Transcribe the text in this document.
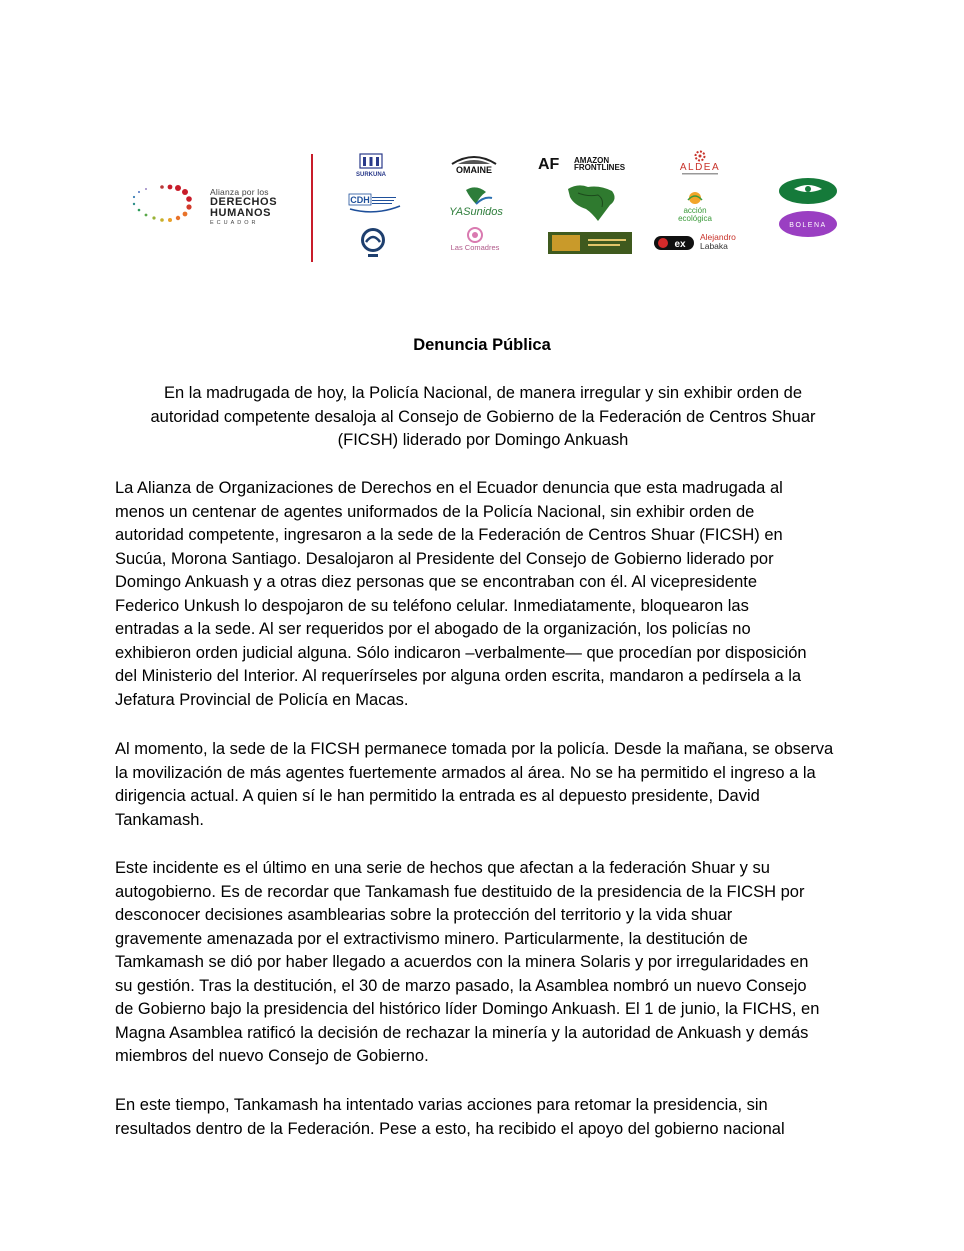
Alianza por los
DERECHOS
HUMANOS
ECUADOR
SURKUNA	OMAINE	AF AMAZON
FRONTLINES	ALDEA
CDH
YASunidos	acción
ecológica
Las Comadres	ex
Alejandro
Labaka
BOLENA
Denuncia Pública
En la madrugada de hoy, la Policía Nacional, de manera irregular y sin exhibir orden de
autoridad competente desaloja al Consejo de Gobierno de la Federación de Centros Shuar
(FICSH) liderado por Domingo Ankuash
La Alianza de Organizaciones de Derechos en el Ecuador denuncia que esta madrugada al
menos un centenar de agentes uniformados de la Policía Nacional, sin exhibir orden de
autoridad competente, ingresaron a la sede de la Federación de Centros Shuar (FICSH) en
Sucúa, Morona Santiago. Desalojaron al Presidente del Consejo de Gobierno liderado por
Domingo Ankuash y a otras diez personas que se encontraban con él. Al vicepresidente
Federico Unkush lo despojaron de su teléfono celular. Inmediatamente, bloquearon las
entradas a la sede. Al ser requeridos por el abogado de la organización, los policías no
exhibieron orden judicial alguna. Sólo indicaron –verbalmente— que procedían por disposición
del Ministerio del Interior. Al requerírseles por alguna orden escrita, mandaron a pedírsela a la
Jefatura Provincial de Policía en Macas.
Al momento, la sede de la FICSH permanece tomada por la policía. Desde la mañana, se observa
la movilización de más agentes fuertemente armados al área. No se ha permitido el ingreso a la
dirigencia actual. A quien sí le han permitido la entrada es al depuesto presidente, David
Tankamash.
Este incidente es el último en una serie de hechos que afectan a la federación Shuar y su
autogobierno. Es de recordar que Tankamash fue destituido de la presidencia de la FICSH por
desconocer decisiones asamblearias sobre la protección del territorio y la vida shuar
gravemente amenazada por el extractivismo minero. Particularmente, la destitución de
Tamkamash se dió por haber llegado a acuerdos con la minera Solaris y por irregularidades en
su gestión. Tras la destitución, el 30 de marzo pasado, la Asamblea nombró un nuevo Consejo
de Gobierno bajo la presidencia del histórico líder Domingo Ankuash. El 1 de junio, la FICHS, en
Magna Asamblea ratificó la decisión de rechazar la minería y la autoridad de Ankuash y demás
miembros del nuevo Consejo de Gobierno.
En este tiempo, Tankamash ha intentado varias acciones para retomar la presidencia, sin
resultados dentro de la Federación. Pese a esto, ha recibido el apoyo del gobierno nacional
